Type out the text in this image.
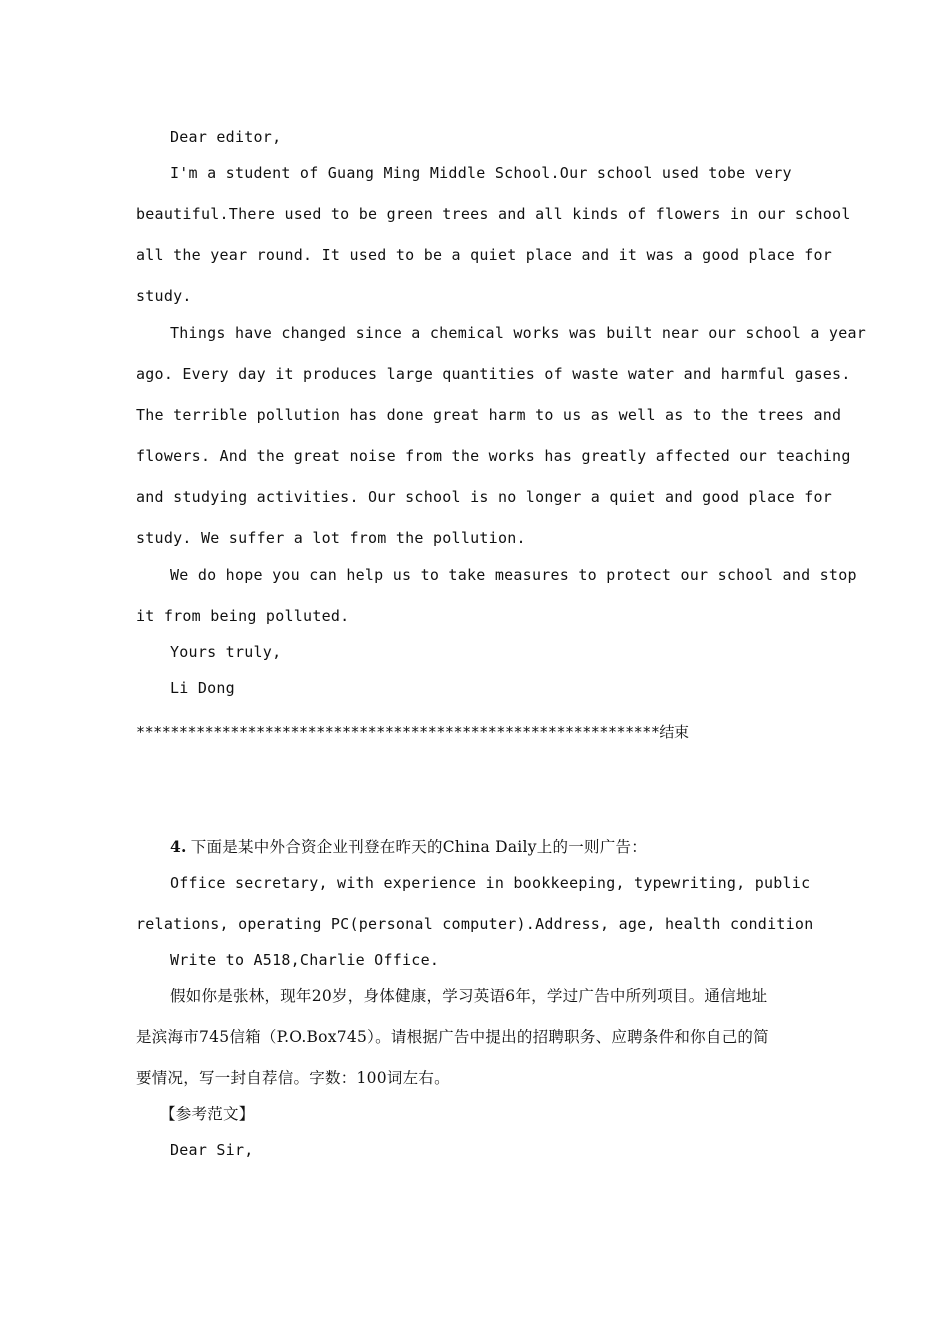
Dear editor,
I'm a student of Guang Ming Middle School.Our school used tobe very
beautiful.There used to be green trees and all kinds of flowers in our school
all the year round. It used to be a quiet place and it was a good place for
study.
Things have changed since a chemical works was built near our school a year
ago. Every day it produces large quantities of waste water and harmful gases.
The terrible pollution has done great harm to us as well as to the trees and
flowers. And the great noise from the works has greatly affected our teaching
and studying activities. Our school is no longer a quiet and good place for
study. We suffer a lot from the pollution.
We do hope you can help us to take measures to protect our school and stop
it from being polluted.
Yours truly,
Li Dong
*************************************************************结束
4. 下面是某中外合资企业刊登在昨天的China Daily上的一则广告：
Office secretary, with experience in bookkeeping, typewriting, public
relations, operating PC(personal computer).Address, age, health condition
Write to A518,Charlie Office.
假如你是张林，现年20岁，身体健康，学习英语6年，学过广告中所列项目。通信地址
是滨海市745信箱（P.O.Box745）。请根据广告中提出的招聘职务、应聘条件和你自己的简
要情况，写一封自荐信。字数：100词左右。
【参考范文】
Dear Sir,
